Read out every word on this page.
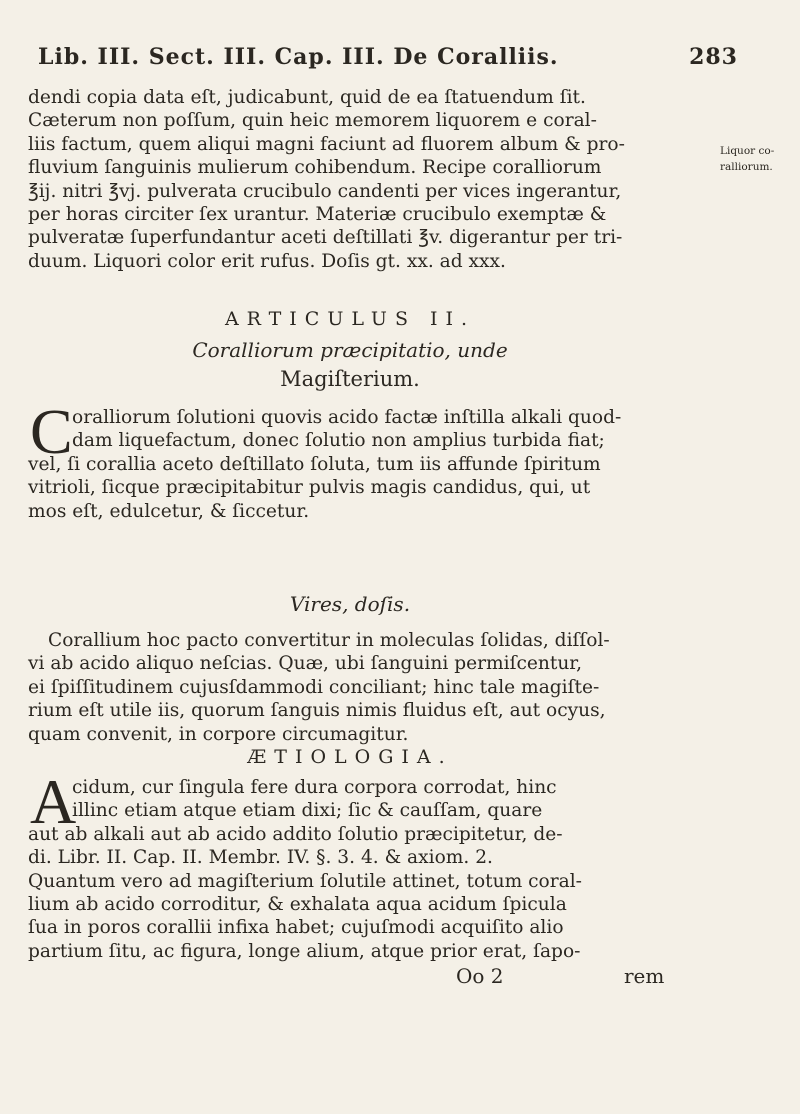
Lib. III. Sect. III. Cap. III. De Coralliis.	283
dendi copia data eſt, judicabunt, quid de ea ſtatuendum ſit.
Cæterum non poſſum, quin heic memorem liquorem e coral-
liis factum, quem aliqui magni faciunt ad fluorem album & pro-
fluvium ſanguinis mulierum cohibendum. Recipe coralliorum
℥ij. nitri ℥vj. pulverata crucibulo candenti per vices ingerantur,
per horas circiter ſex urantur. Materiæ crucibulo exemptæ &
pulveratæ ſuperfundantur aceti deſtillati ℥v. digerantur per tri-
duum. Liquori color erit rufus. Doſis gt. xx. ad xxx.
Liquor co-
ralliorum.
ARTICULUS II.
Coralliorum præcipitatio, unde
Magiſterium.
C oralliorum ſolutioni quovis acido factæ inſtilla alkali quod-
dam liquefactum, donec ſolutio non amplius turbida fiat;
vel, ſi corallia aceto deſtillato ſoluta, tum iis affunde ſpiritum
vitrioli, ſicque præcipitabitur pulvis magis candidus, qui, ut
mos eſt, edulcetur, & ſiccetur.
Vires, doſis.
Corallium hoc pacto convertitur in moleculas ſolidas, diſſol-
vi ab acido aliquo neſcias. Quæ, ubi ſanguini permiſcentur,
ei ſpiſſitudinem cujusſdammodi conciliant; hinc tale magiſte-
rium eſt utile iis, quorum ſanguis nimis fluidus eſt, aut ocyus,
quam convenit, in corpore circumagitur.
ÆTIOLOGIA.
A
cidum, cur ſingula fere dura corpora corrodat, hinc
illinc etiam atque etiam dixi; ſic & cauſſam, quare
aut ab alkali aut ab acido addito ſolutio præcipitetur, de-
di. Libr. II. Cap. II. Membr. IV. §. 3. 4. & axiom. 2.
Quantum vero ad magiſterium ſolutile attinet, totum coral-
lium ab acido corroditur, & exhalata aqua acidum ſpicula
ſua in poros corallii infixa habet; cujuſmodi acquiſito alio
partium ſitu, ac figura, longe alium, atque prior erat, ſapo-
Oo 2	rem
